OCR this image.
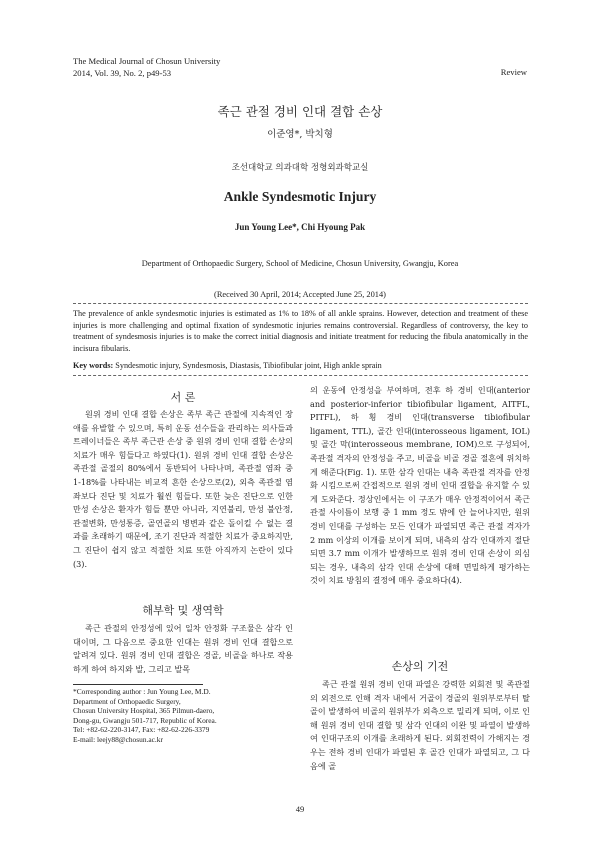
The Medical Journal of Chosun University
2014, Vol. 39, No. 2, p49-53	Review
족근 관절 경비 인대 결합 손상
이준영*, 박치형
조선대학교 의과대학 정형외과학교실
Ankle Syndesmotic Injury
Jun Young Lee*, Chi Hyoung Pak
Department of Orthopaedic Surgery, School of Medicine, Chosun University, Gwangju, Korea
(Received 30 April, 2014; Accepted June 25, 2014)
The prevalence of ankle syndesmotic injuries is estimated as 1% to 18% of all ankle sprains. However, detection and treatment of these injuries is more challenging and optimal fixation of syndesmotic injuries remains controversial. Regardless of controversy, the key to treatment of syndesmosis injuries is to make the correct initial diagnosis and initiate treatment for reducing the fibula anatomically in the incisura fibularis.
Key words: Syndesmotic injury, Syndesmosis, Diastasis, Tibiofibular joint, High ankle sprain
서 론

원위 경비 인대 결합 손상은 족부 족근 관절에 지속적인 장애를 유발할 수 있으며, 특히 운동 선수들을 관리하는 의사들과 트레이너들은 족부 족근관 손상 중 원위 경비 인대 결합 손상의 치료가 매우 힘들다고 하였다(1). 원위 경비 인대 결합 손상은 족관절 골절의 80%에서 동반되어 나타나며, 족관절 염좌 중 1-18%를 나타내는 비교적 흔한 손상으로(2), 외측 족관절 염좌보다 진단 및 치료가 훨씬 힘들다. 또한 늦은 진단으로 인한 만성 손상은 환자가 힘들 뿐만 아니라, 지연불리, 만성 불안정, 관절변화, 만성통증, 골연골의 병변과 같은 돌이킬 수 없는 결과를 초래하기 때문에, 조기 진단과 적절한 치료가 중요하지만, 그 진단이 쉽지 않고 적절한 치료 또한 아직까지 논란이 있다(3).

해부학 및 생역학

족근 관절의 안정성에 있어 일차 안정화 구조물은 삼각 인대이며, 그 다음으로 중요한 인대는 원위 경비 인대 결합으로 알려져 있다. 원위 경비 인대 결합은 경골, 비골을 하나로 작용하게 하여 하지와 발, 그리고 발목

*Corresponding author : Jun Young Lee, M.D.
Department of Orthopaedic Surgery,
Chosun University Hospital, 365 Pilmun-daero,
Dong-gu, Gwangju 501-717, Republic of Korea.
Tel: +82-62-220-3147, Fax: +82-62-226-3379
E-mail: leejy88@chosun.ac.kr

의 운동에 안정성을 부여하며, 전후 하 경비 인대(anterior and posterior-inferior tibiofibular ligament, AITFL, PITFL), 하 횡 경비 인대(transverse tibiofibular ligament, TTL), 골간 인대(interosseous ligament, IOL) 및 골간 막(interosseous membrane, IOM)으로 구성되어, 족관절 격자의 안정성을 주고, 비골을 비골 경골 절흔에 위치하게 해준다(Fig. 1). 또한 삼각 인대는 내측 족관절 격자를 안정화 시킴으로써 간접적으로 원위 경비 인대 결합을 유지할 수 있게 도와준다. 정상인에서는 이 구조가 매우 안정적이어서 족근 관절 사이틈이 보행 중 1 mm 정도 밖에 안 늘어나지만, 원위 경비 인대를 구성하는 모든 인대가 파열되면 족근 관절 격자가 2 mm 이상의 이개를 보이게 되며, 내측의 삼각 인대까지 절단되면 3.7 mm 이개가 발생하므로 원위 경비 인대 손상이 의심되는 경우, 내측의 삼각 인대 손상에 대해 면밀하게 평가하는 것이 치료 방침의 결정에 매우 중요하다(4).

손상의 기전

족근 관절 원위 경비 인대 파열은 강력한 외회전 및 족관절의 외전으로 인해 격자 내에서 거골이 경골의 원위부로부터 탈골이 발생하여 비골의 원위부가 외측으로 밀리게 되며, 이로 인해 원위 경비 인대 결합 및 삼각 인대의 이완 및 파열이 발생하여 인대구조의 이개를 초래하게 된다. 외회전력이 가해지는 경우는 전하 경비 인대가 파열된 후 골간 인대가 파열되고, 그 다음에 골

49
